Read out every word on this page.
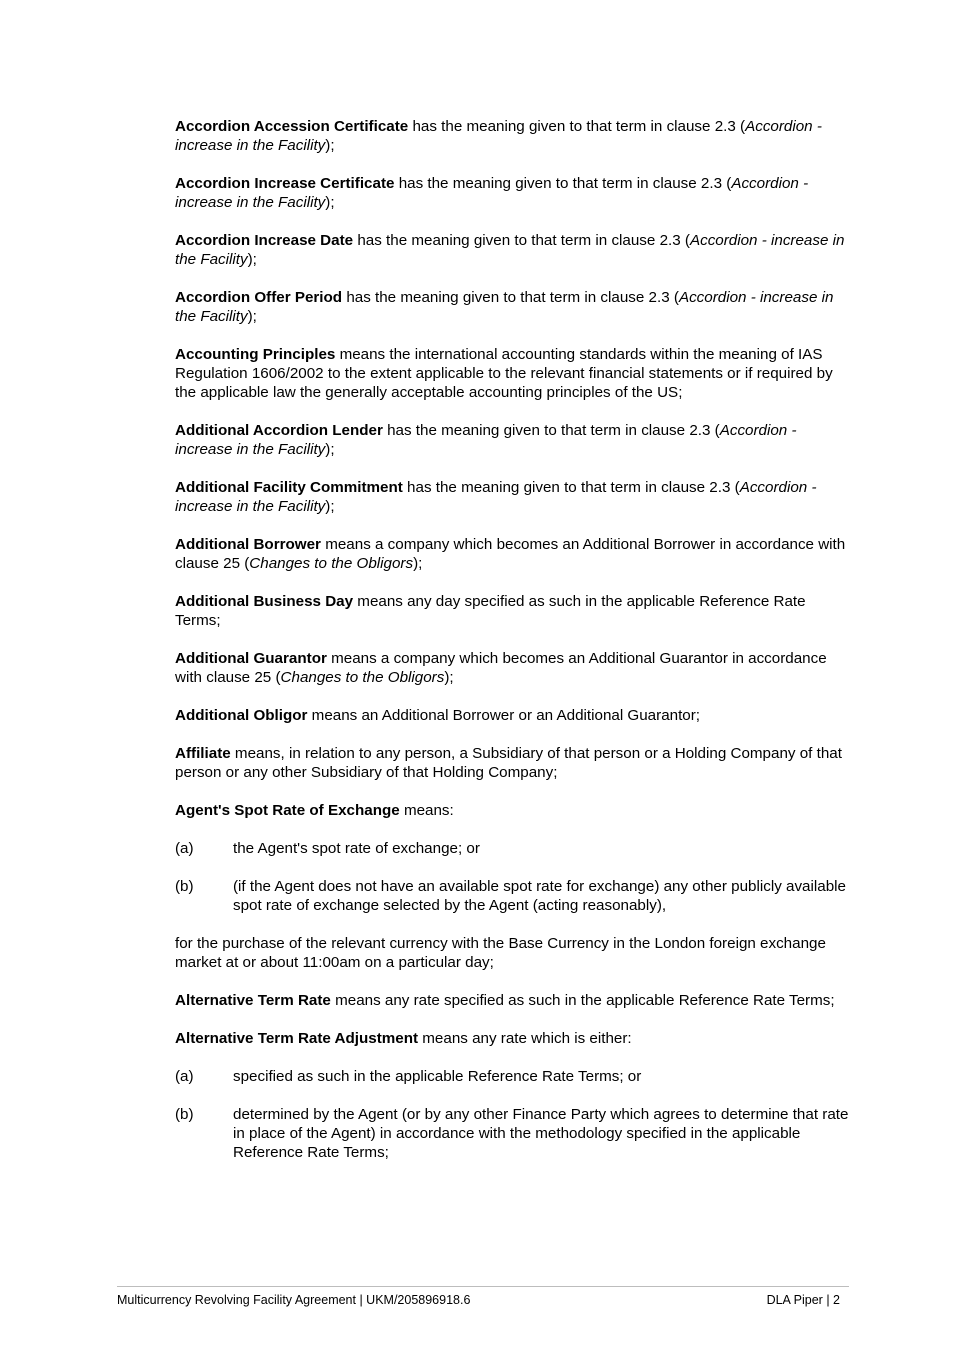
Accordion Accession Certificate has the meaning given to that term in clause 2.3 (Accordion - increase in the Facility);

Accordion Increase Certificate has the meaning given to that term in clause 2.3 (Accordion - increase in the Facility);

Accordion Increase Date has the meaning given to that term in clause 2.3 (Accordion - increase in the Facility);

Accordion Offer Period has the meaning given to that term in clause 2.3 (Accordion - increase in the Facility);

Accounting Principles means the international accounting standards within the meaning of IAS Regulation 1606/2002 to the extent applicable to the relevant financial statements or if required by the applicable law the generally acceptable accounting principles of the US;

Additional Accordion Lender has the meaning given to that term in clause 2.3 (Accordion - increase in the Facility);

Additional Facility Commitment has the meaning given to that term in clause 2.3 (Accordion - increase in the Facility);

Additional Borrower means a company which becomes an Additional Borrower in accordance with clause 25 (Changes to the Obligors);

Additional Business Day means any day specified as such in the applicable Reference Rate Terms;

Additional Guarantor means a company which becomes an Additional Guarantor in accordance with clause 25 (Changes to the Obligors);

Additional Obligor means an Additional Borrower or an Additional Guarantor;

Affiliate means, in relation to any person, a Subsidiary of that person or a Holding Company of that person or any other Subsidiary of that Holding Company;

Agent's Spot Rate of Exchange means:

(a)	the Agent's spot rate of exchange; or
(b)	(if the Agent does not have an available spot rate for exchange) any other publicly available spot rate of exchange selected by the Agent (acting reasonably),

for the purchase of the relevant currency with the Base Currency in the London foreign exchange market at or about 11:00am on a particular day;

Alternative Term Rate means any rate specified as such in the applicable Reference Rate Terms;

Alternative Term Rate Adjustment means any rate which is either:

(a)	specified as such in the applicable Reference Rate Terms; or
(b)	determined by the Agent (or by any other Finance Party which agrees to determine that rate in place of the Agent) in accordance with the methodology specified in the applicable Reference Rate Terms;
Multicurrency Revolving Facility Agreement | UKM/205896918.6	DLA Piper | 2
